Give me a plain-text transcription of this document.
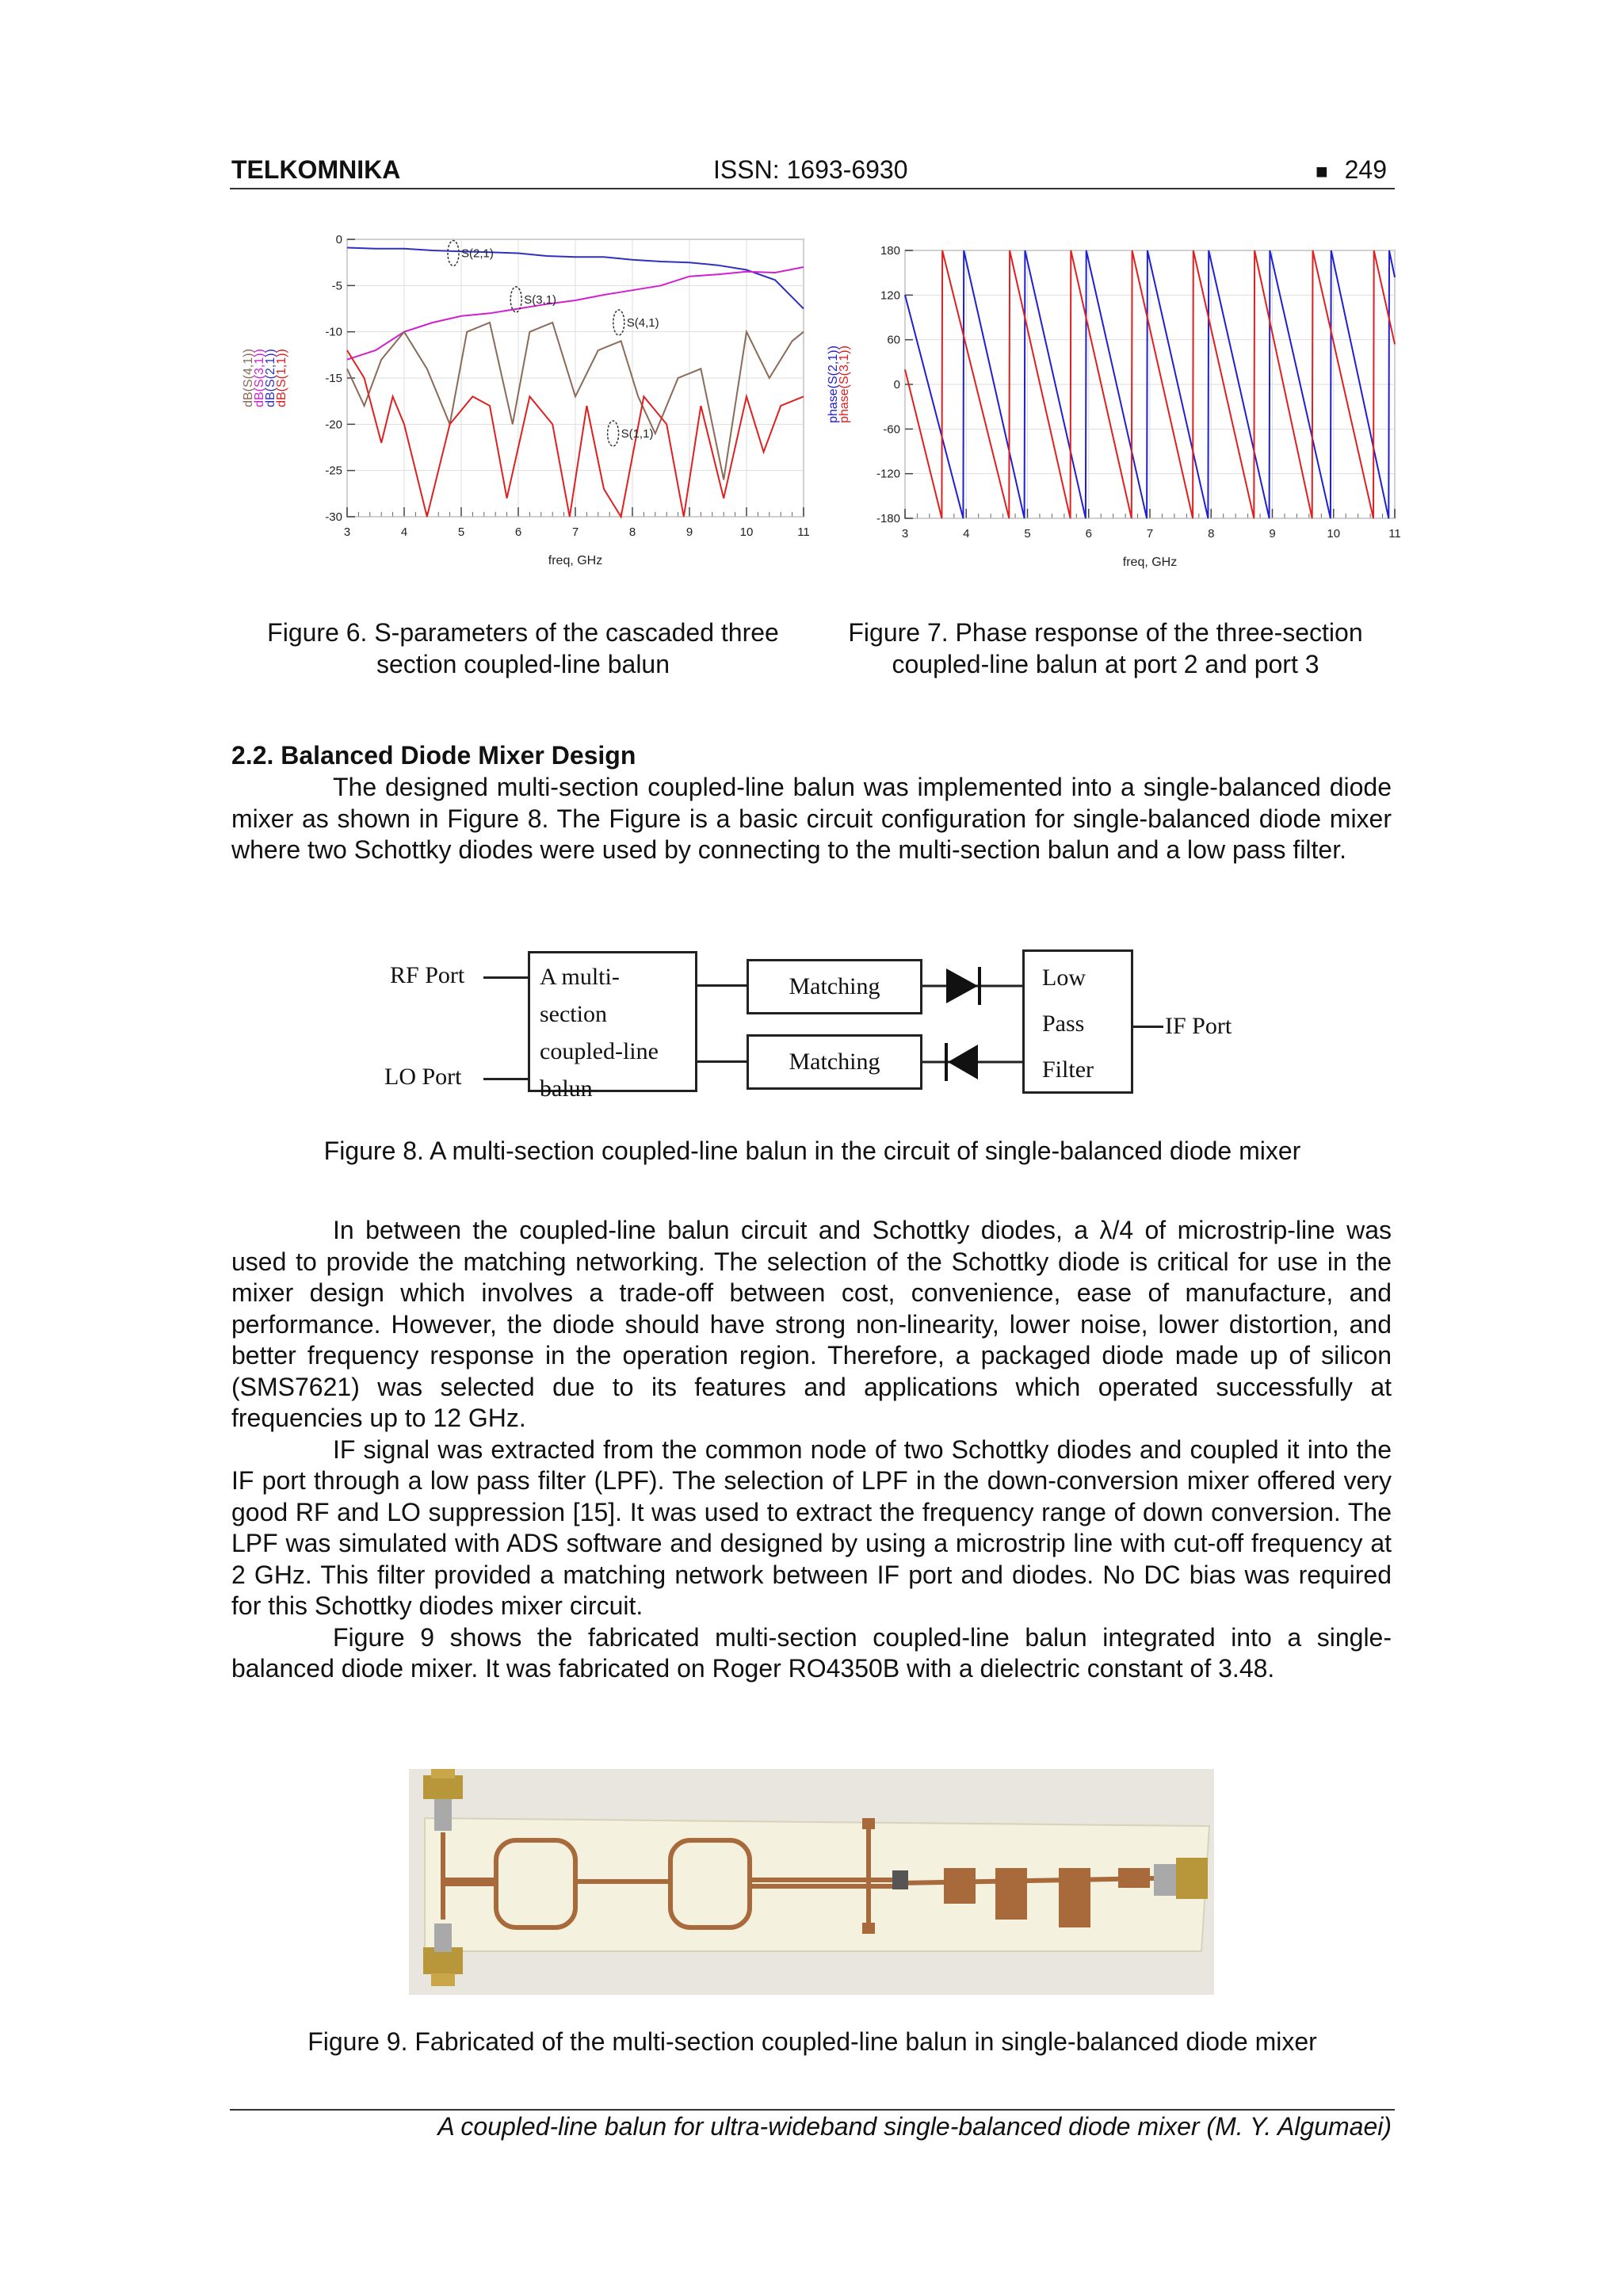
TELKOMNIKA	ISSN: 1693-6930	■ 249
3	4	5	6	7	8	9	10	11
0
-5
-10
-15
-20
-25
-30
freq, GHz
dB(S(4,1))
dB(S(3,1))
dB(S(2,1))
dB(S(1,1))
S(2,1)
S(3,1)
S(4,1)
S(1,1)
Figure 6. S-parameters of the cascaded three
section coupled-line balun
3	4	5	6	7	8	9	10	11
180
120
60
0
-60
-120
-180
freq, GHz
phase(S(2,1))
phase(S(3,1))
Figure 7. Phase response of the three-section
coupled-line balun at port 2 and port 3
2.2. Balanced Diode Mixer Design

The designed multi-section coupled-line balun was implemented into a single-balanced diode mixer as shown in Figure 8. The Figure is a basic circuit configuration for single-balanced diode mixer where two Schottky diodes were used by connecting to the multi-section balun and a low pass filter.

RF Port
LO Port
A multi-section
coupled-line
balun
Matching
Matching
Low
Pass
Filter
IF Port
Figure 8. A multi-section coupled-line balun in the circuit of single-balanced diode mixer

In between the coupled-line balun circuit and Schottky diodes, a λ/4 of microstrip-line was used to provide the matching networking. The selection of the Schottky diode is critical for use in the mixer design which involves a trade-off between cost, convenience, ease of manufacture, and performance. However, the diode should have strong non-linearity, lower noise, lower distortion, and better frequency response in the operation region. Therefore, a packaged diode made up of silicon (SMS7621) was selected due to its features and applications which operated successfully at frequencies up to 12 GHz.

IF signal was extracted from the common node of two Schottky diodes and coupled it into the IF port through a low pass filter (LPF). The selection of LPF in the down-conversion mixer offered very good RF and LO suppression [15]. It was used to extract the frequency range of down conversion. The LPF was simulated with ADS software and designed by using a microstrip line with cut-off frequency at 2 GHz. This filter provided a matching network between IF port and diodes. No DC bias was required for this Schottky diodes mixer circuit.

Figure 9 shows the fabricated multi-section coupled-line balun integrated into a single-balanced diode mixer. It was fabricated on Roger RO4350B with a dielectric constant of 3.48.

Figure 9. Fabricated of the multi-section coupled-line balun in single-balanced diode mixer
A coupled-line balun for ultra-wideband single-balanced diode mixer (M. Y. Algumaei)
